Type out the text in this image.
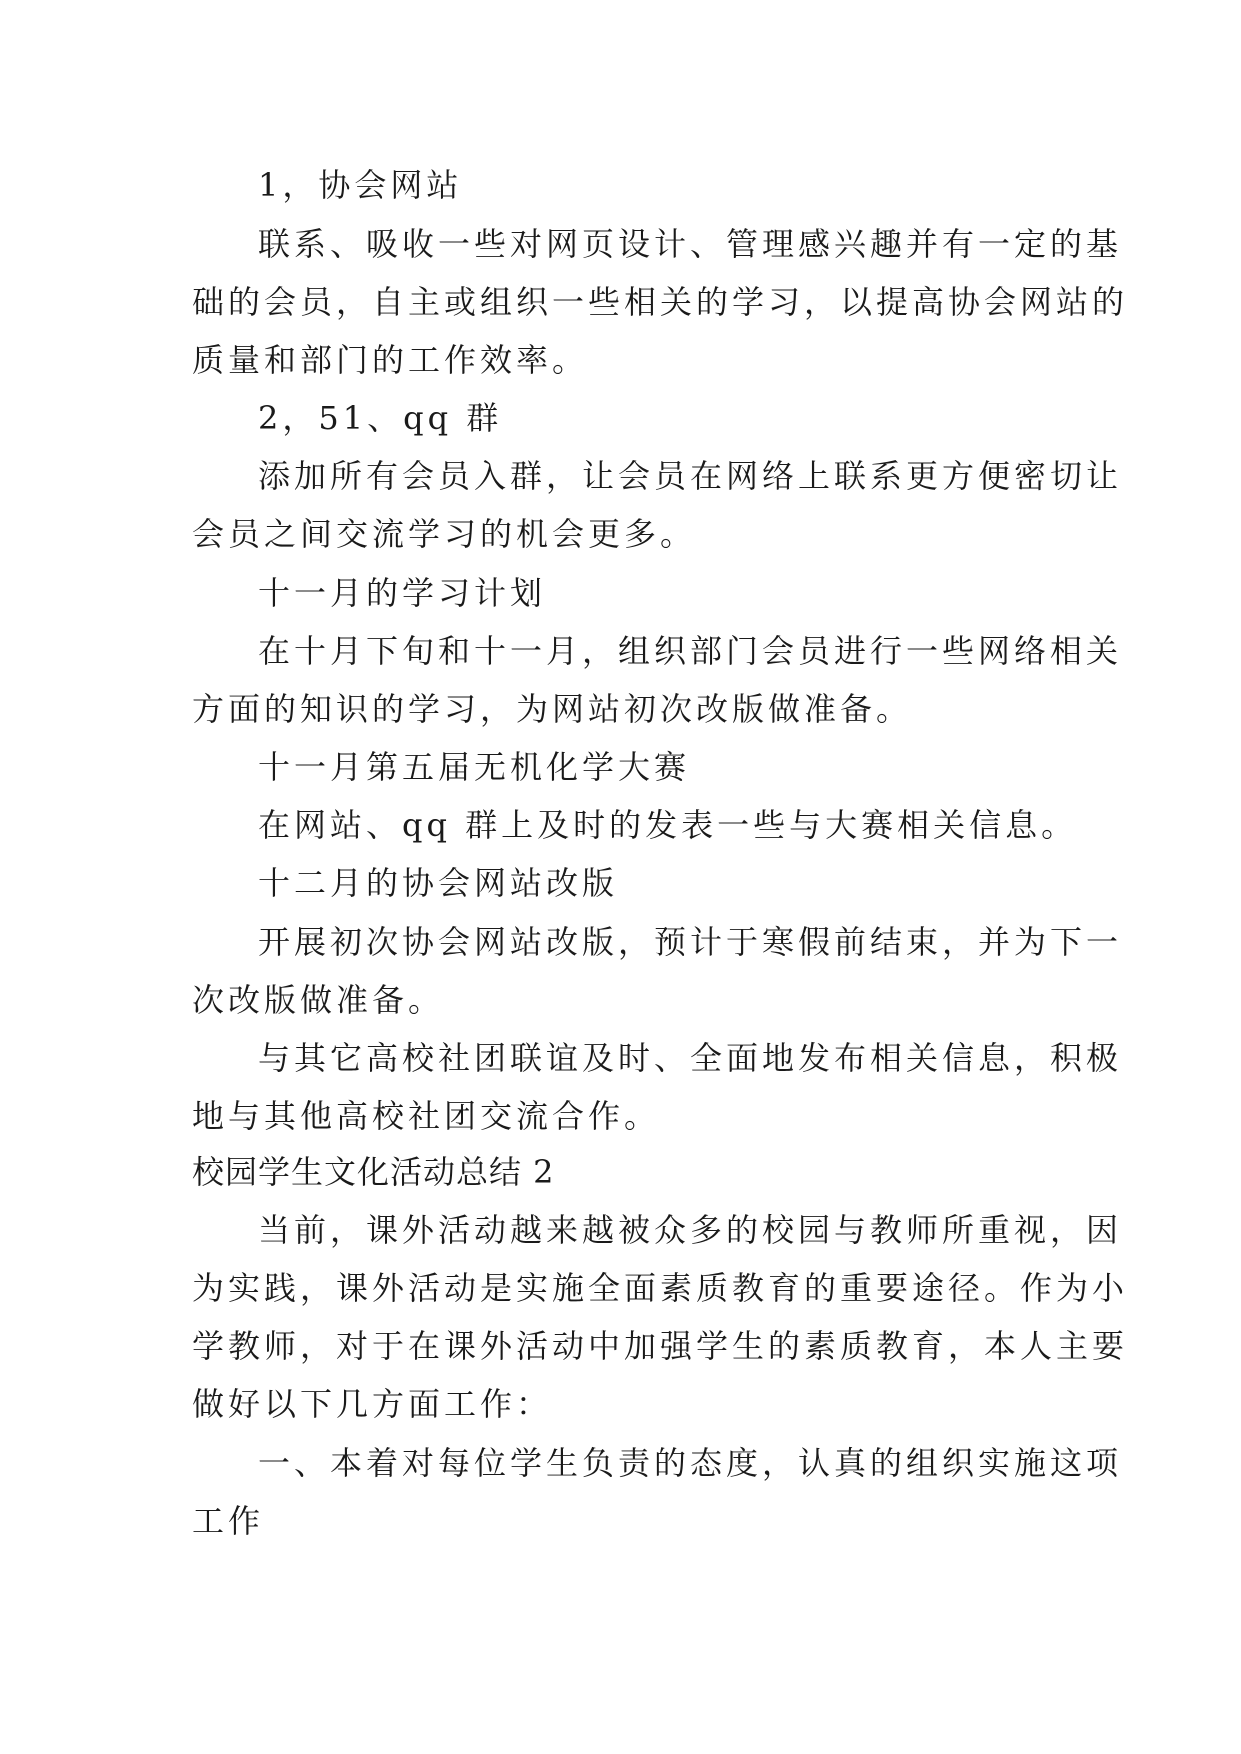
1，协会网站
联系、吸收一些对网页设计、管理感兴趣并有一定的基
础的会员，自主或组织一些相关的学习，以提高协会网站的
质量和部门的工作效率。
2，51、qq 群
添加所有会员入群，让会员在网络上联系更方便密切让
会员之间交流学习的机会更多。
十一月的学习计划
在十月下旬和十一月，组织部门会员进行一些网络相关
方面的知识的学习，为网站初次改版做准备。
十一月第五届无机化学大赛
在网站、qq 群上及时的发表一些与大赛相关信息。
十二月的协会网站改版
开展初次协会网站改版，预计于寒假前结束，并为下一
次改版做准备。
与其它高校社团联谊及时、全面地发布相关信息，积极
地与其他高校社团交流合作。
校园学生文化活动总结 2
当前，课外活动越来越被众多的校园与教师所重视，因
为实践，课外活动是实施全面素质教育的重要途径。作为小
学教师，对于在课外活动中加强学生的素质教育，本人主要
做好以下几方面工作：
一、本着对每位学生负责的态度，认真的组织实施这项
工作
